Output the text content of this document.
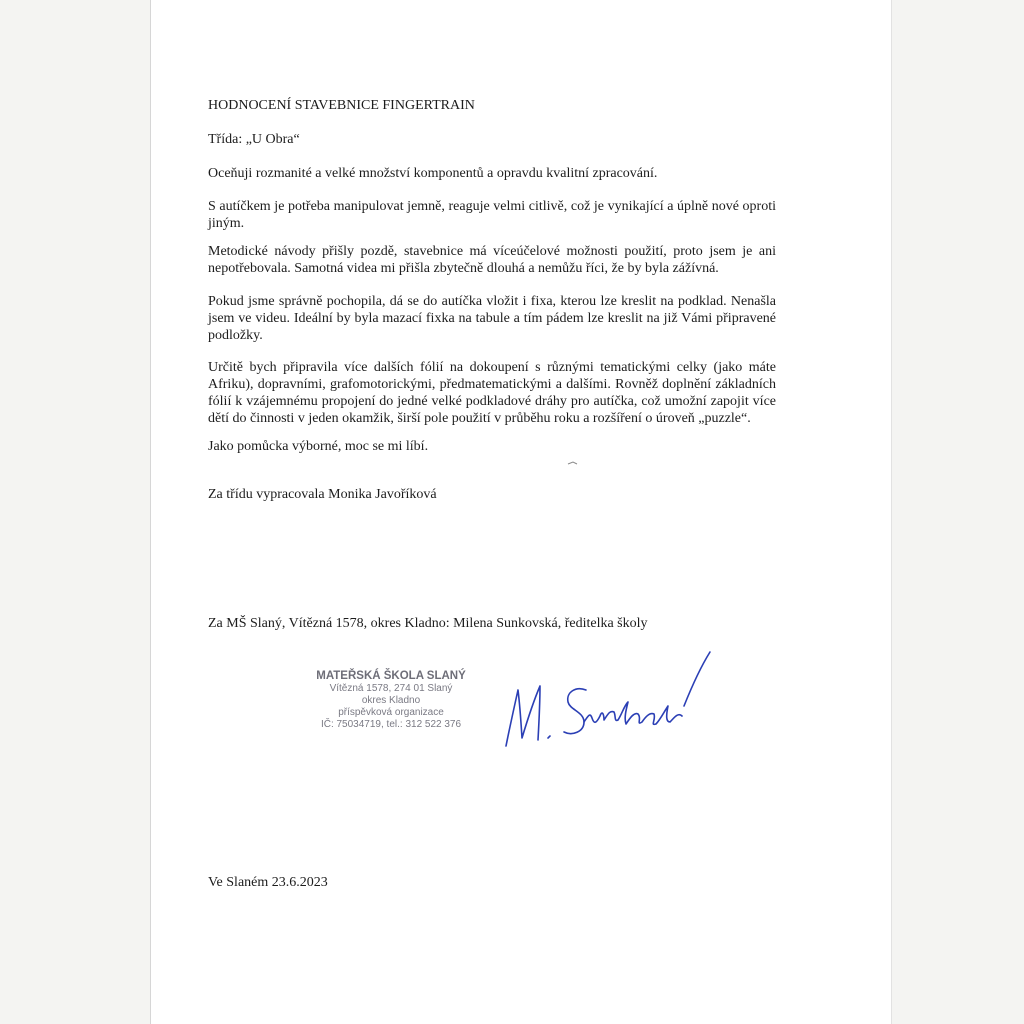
HODNOCENÍ STAVEBNICE FINGERTRAIN
Třída: „U Obra“
Oceňuji rozmanité a velké množství komponentů a opravdu kvalitní zpracování.
S autíčkem je potřeba manipulovat jemně, reaguje velmi citlivě, což je vynikající a úplně nové oproti jiným.
Metodické návody přišly pozdě, stavebnice má víceúčelové možnosti použití, proto jsem je ani nepotřebovala. Samotná videa mi přišla zbytečně dlouhá a nemůžu říci, že by byla zážívná.
Pokud jsme správně pochopila, dá se do autíčka vložit i fixa, kterou lze kreslit na podklad. Nenašla jsem ve videu. Ideální by byla mazací fixka na tabule a tím pádem lze kreslit na již Vámi připravené podložky.
Určitě bych připravila více dalších fólií na dokoupení s různými tematickými celky (jako máte Afriku), dopravními, grafomotorickými, předmatematickými a dalšími. Rovněž doplnění základních fólií k vzájemnému propojení do jedné velké podkladové dráhy pro autíčka, což umožní zapojit více dětí do činnosti v jeden okamžik, širší pole použití v průběhu roku a rozšíření o úroveň „puzzle“.
Jako pomůcka výborné, moc se mi líbí.
Za třídu vypracovala Monika Javoříková
Za MŠ Slaný, Vítězná 1578, okres Kladno: Milena Sunkovská, ředitelka školy
MATEŘSKÁ ŠKOLA SLANÝ
Vítězná 1578, 274 01 Slaný
okres Kladno
příspěvková organizace
IČ: 75034719, tel.: 312 522 376
Ve Slaném 23.6.2023
